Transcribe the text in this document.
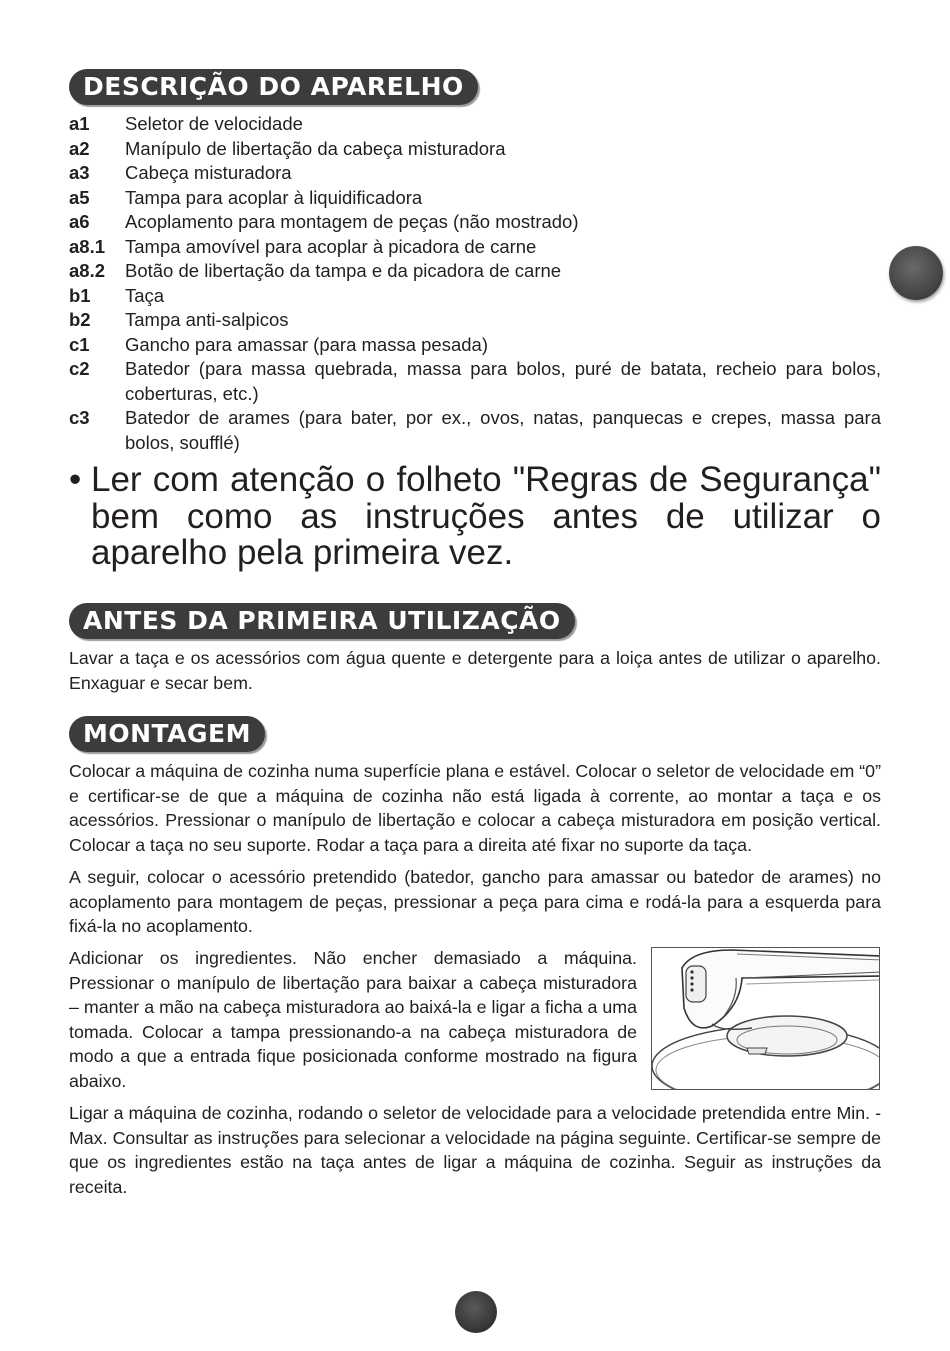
DESCRIÇÃO DO APARELHO
a1	Seletor de velocidade
a2	Manípulo de libertação da cabeça misturadora
a3	Cabeça misturadora
a5	Tampa para acoplar à liquidificadora
a6	Acoplamento para montagem de peças (não mostrado)
a8.1	Tampa amovível para acoplar à picadora de carne
a8.2	Botão de libertação da tampa e da picadora de carne
b1	Taça
b2	Tampa anti-salpicos
c1	Gancho para amassar (para massa pesada)
c2	Batedor (para massa quebrada, massa para bolos, puré de batata, recheio para bolos, coberturas, etc.)
c3	Batedor de arames (para bater, por ex., ovos, natas, panquecas e crepes, massa para bolos, soufflé)
• Ler com atenção o folheto "Regras de Segurança" bem como as instruções antes de utilizar o aparelho pela primeira vez.
ANTES DA PRIMEIRA UTILIZAÇÃO

Lavar a taça e os acessórios com água quente e detergente para a loiça antes de utilizar o aparelho. Enxaguar e secar bem.

MONTAGEM

Colocar a máquina de cozinha numa superfície plana e estável. Colocar o seletor de velocidade em “0” e certificar-se de que a máquina de cozinha não está ligada à corrente, ao montar a taça e os acessórios. Pressionar o manípulo de libertação e colocar a cabeça misturadora em posição vertical. Colocar a taça no seu suporte. Rodar a taça para a direita até fixar no suporte da taça.

A seguir, colocar o acessório pretendido (batedor, gancho para amassar ou batedor de arames) no acoplamento para montagem de peças, pressionar a peça para cima e rodá-la para a esquerda para fixá-la no acoplamento.

Adicionar os ingredientes. Não encher demasiado a máquina. Pressionar o manípulo de libertação para baixar a cabeça misturadora – manter a mão na cabeça misturadora ao baixá-la e ligar a ficha a uma tomada. Colocar a tampa pressionando-a na cabeça misturadora de modo a que a entrada fique posicionada conforme mostrado na figura abaixo.

Ligar a máquina de cozinha, rodando o seletor de velocidade para a velocidade pretendida entre Min. - Max. Consultar as instruções para selecionar a velocidade na página seguinte. Certificar-se sempre de que os ingredientes estão na taça antes de ligar a máquina de cozinha. Seguir as instruções da receita.
